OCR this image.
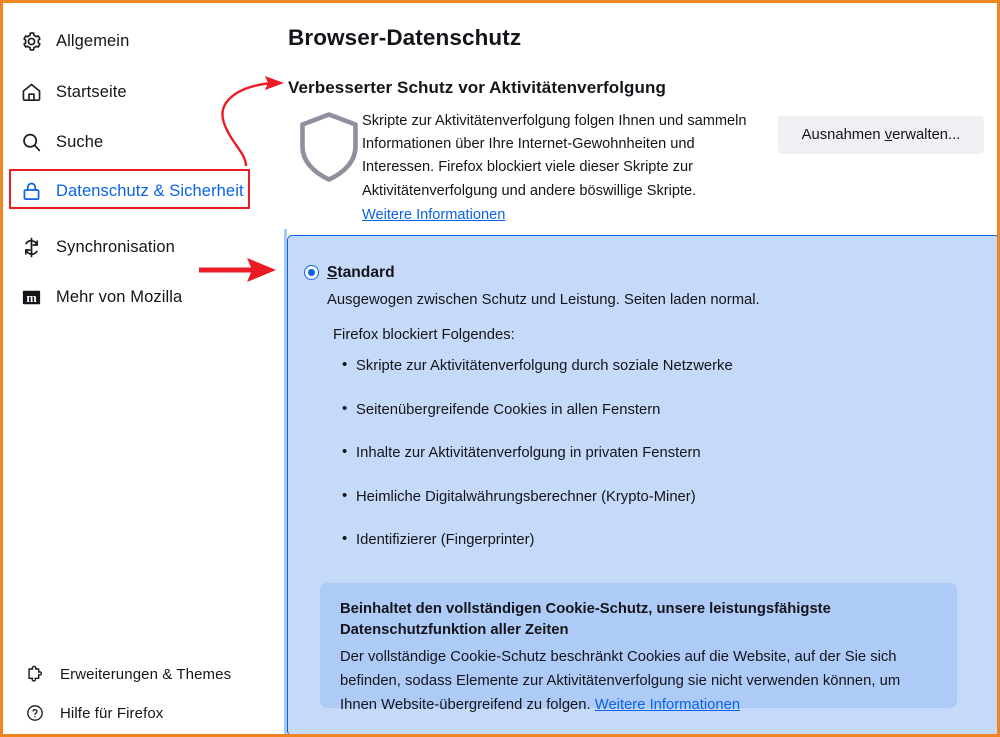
Allgemein
Startseite
Suche
Datenschutz & Sicherheit
Synchronisation
m Mehr von Mozilla
Erweiterungen & Themes
Hilfe für Firefox
Browser-Datenschutz
Verbesserter Schutz vor Aktivitätenverfolgung
Skripte zur Aktivitätenverfolgung folgen Ihnen und sammeln Informationen über Ihre Internet-Gewohnheiten und Interessen. Firefox blockiert viele dieser Skripte zur Aktivitätenverfolgung und andere böswillige Skripte. Weitere Informationen
Ausnahmen verwalten...
Standard
Ausgewogen zwischen Schutz und Leistung. Seiten laden normal.
Firefox blockiert Folgendes:
• Skripte zur Aktivitätenverfolgung durch soziale Netzwerke
• Seitenübergreifende Cookies in allen Fenstern
• Inhalte zur Aktivitätenverfolgung in privaten Fenstern
• Heimliche Digitalwährungsberechner (Krypto-Miner)
• Identifizierer (Fingerprinter)
Beinhaltet den vollständigen Cookie-Schutz, unsere leistungsfähigste Datenschutzfunktion aller Zeiten
Der vollständige Cookie-Schutz beschränkt Cookies auf die Website, auf der Sie sich befinden, sodass Elemente zur Aktivitätenverfolgung sie nicht verwenden können, um Ihnen Website-übergreifend zu folgen. Weitere Informationen
